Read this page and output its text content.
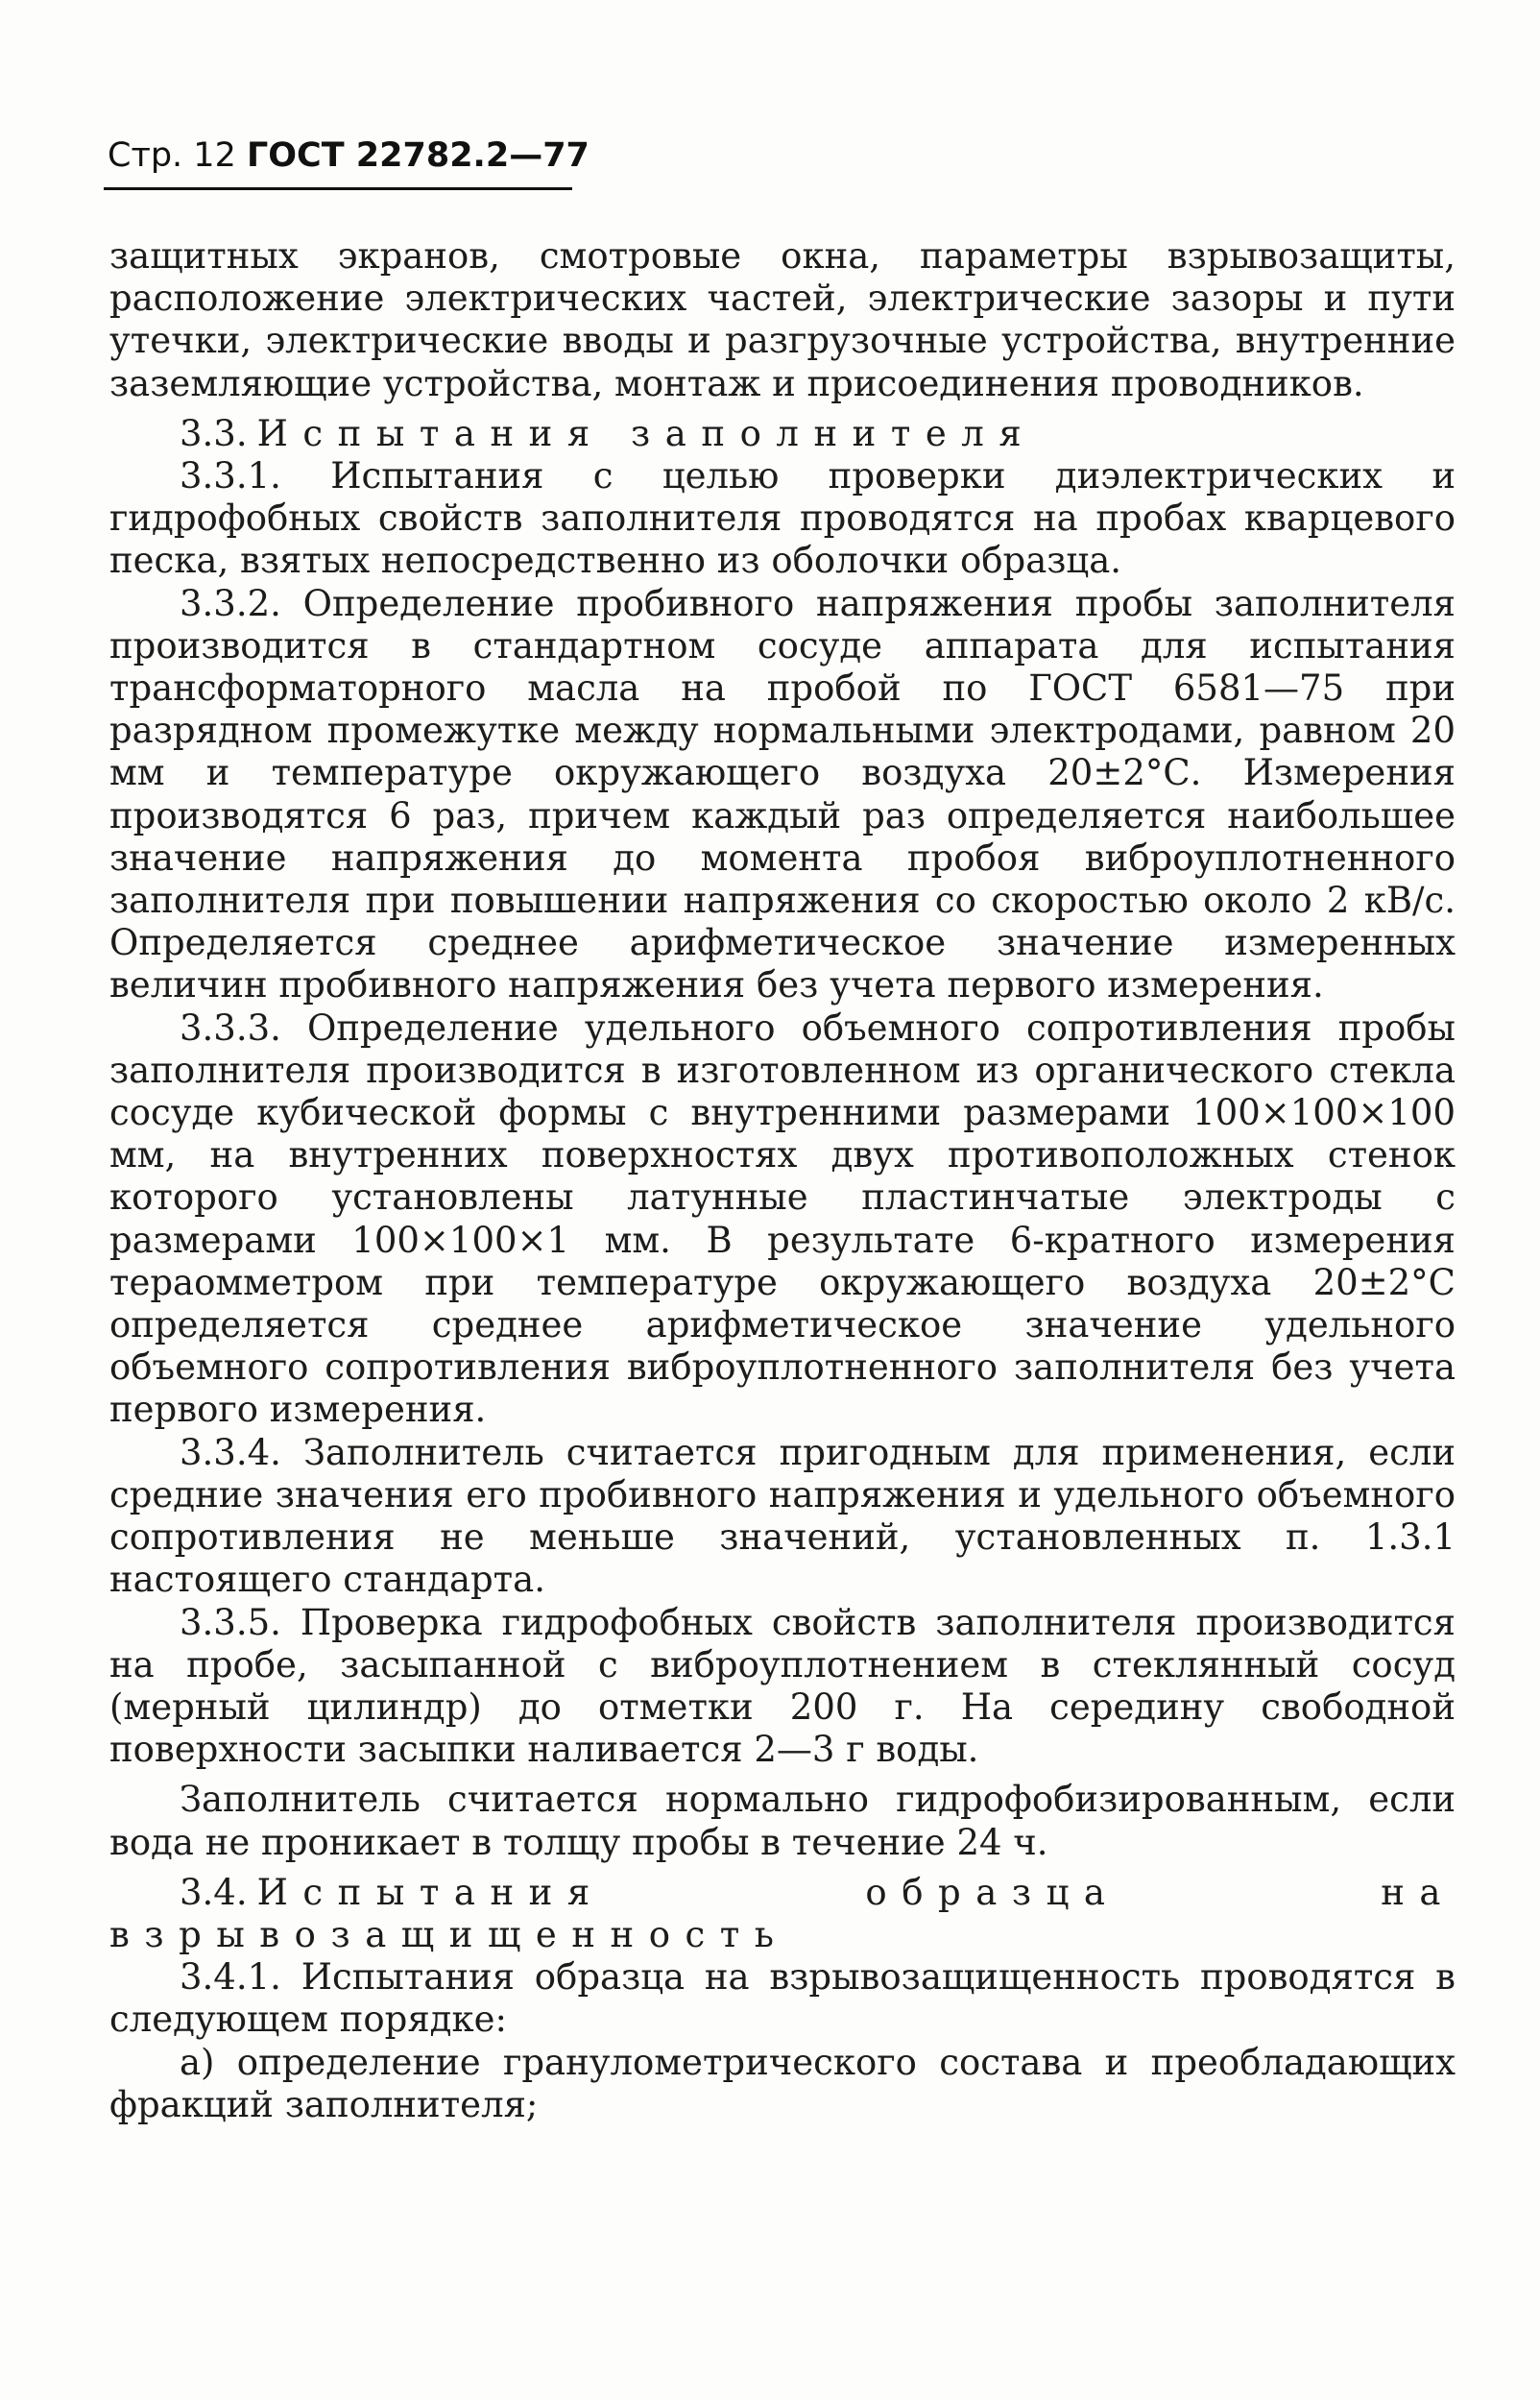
Стр. 12 ГОСТ 22782.2—77

защитных экранов, смотровые окна, параметры взрывозащиты, расположение электрических частей, электрические зазоры и пути утечки, электрические вводы и разгрузочные устройства, внутренние заземляющие устройства, монтаж и присоединения проводников.

3.3. Испытания заполнителя

3.3.1. Испытания с целью проверки диэлектрических и гидрофобных свойств заполнителя проводятся на пробах кварцевого песка, взятых непосредственно из оболочки образца.

3.3.2. Определение пробивного напряжения пробы заполнителя производится в стандартном сосуде аппарата для испытания трансформаторного масла на пробой по ГОСТ 6581—75 при разрядном промежутке между нормальными электродами, равном 20 мм и температуре окружающего воздуха 20±2°С. Измерения производятся 6 раз, причем каждый раз определяется наибольшее значение напряжения до момента пробоя виброуплотненного заполнителя при повышении напряжения со скоростью около 2 кВ/с. Определяется среднее арифметическое значение измеренных величин пробивного напряжения без учета первого измерения.

3.3.3. Определение удельного объемного сопротивления пробы заполнителя производится в изготовленном из органического стекла сосуде кубической формы с внутренними размерами 100×100×100 мм, на внутренних поверхностях двух противоположных стенок которого установлены латунные пластинчатые электроды с размерами 100×100×1 мм. В результате 6-кратного измерения тераомметром при температуре окружающего воздуха 20±2°С определяется среднее арифметическое значение удельного объемного сопротивления виброуплотненного заполнителя без учета первого измерения.

3.3.4. Заполнитель считается пригодным для применения, если средние значения его пробивного напряжения и удельного объемного сопротивления не меньше значений, установленных п. 1.3.1 настоящего стандарта.

3.3.5. Проверка гидрофобных свойств заполнителя производится на пробе, засыпанной с виброуплотнением в стеклянный сосуд (мерный цилиндр) до отметки 200 г. На середину свободной поверхности засыпки наливается 2—3 г воды.

Заполнитель считается нормально гидрофобизированным, если вода не проникает в толщу пробы в течение 24 ч.

3.4. Испытания образца на взрывозащищенность

3.4.1. Испытания образца на взрывозащищенность проводятся в следующем порядке:

а) определение гранулометрического состава и преобладающих фракций заполнителя;
